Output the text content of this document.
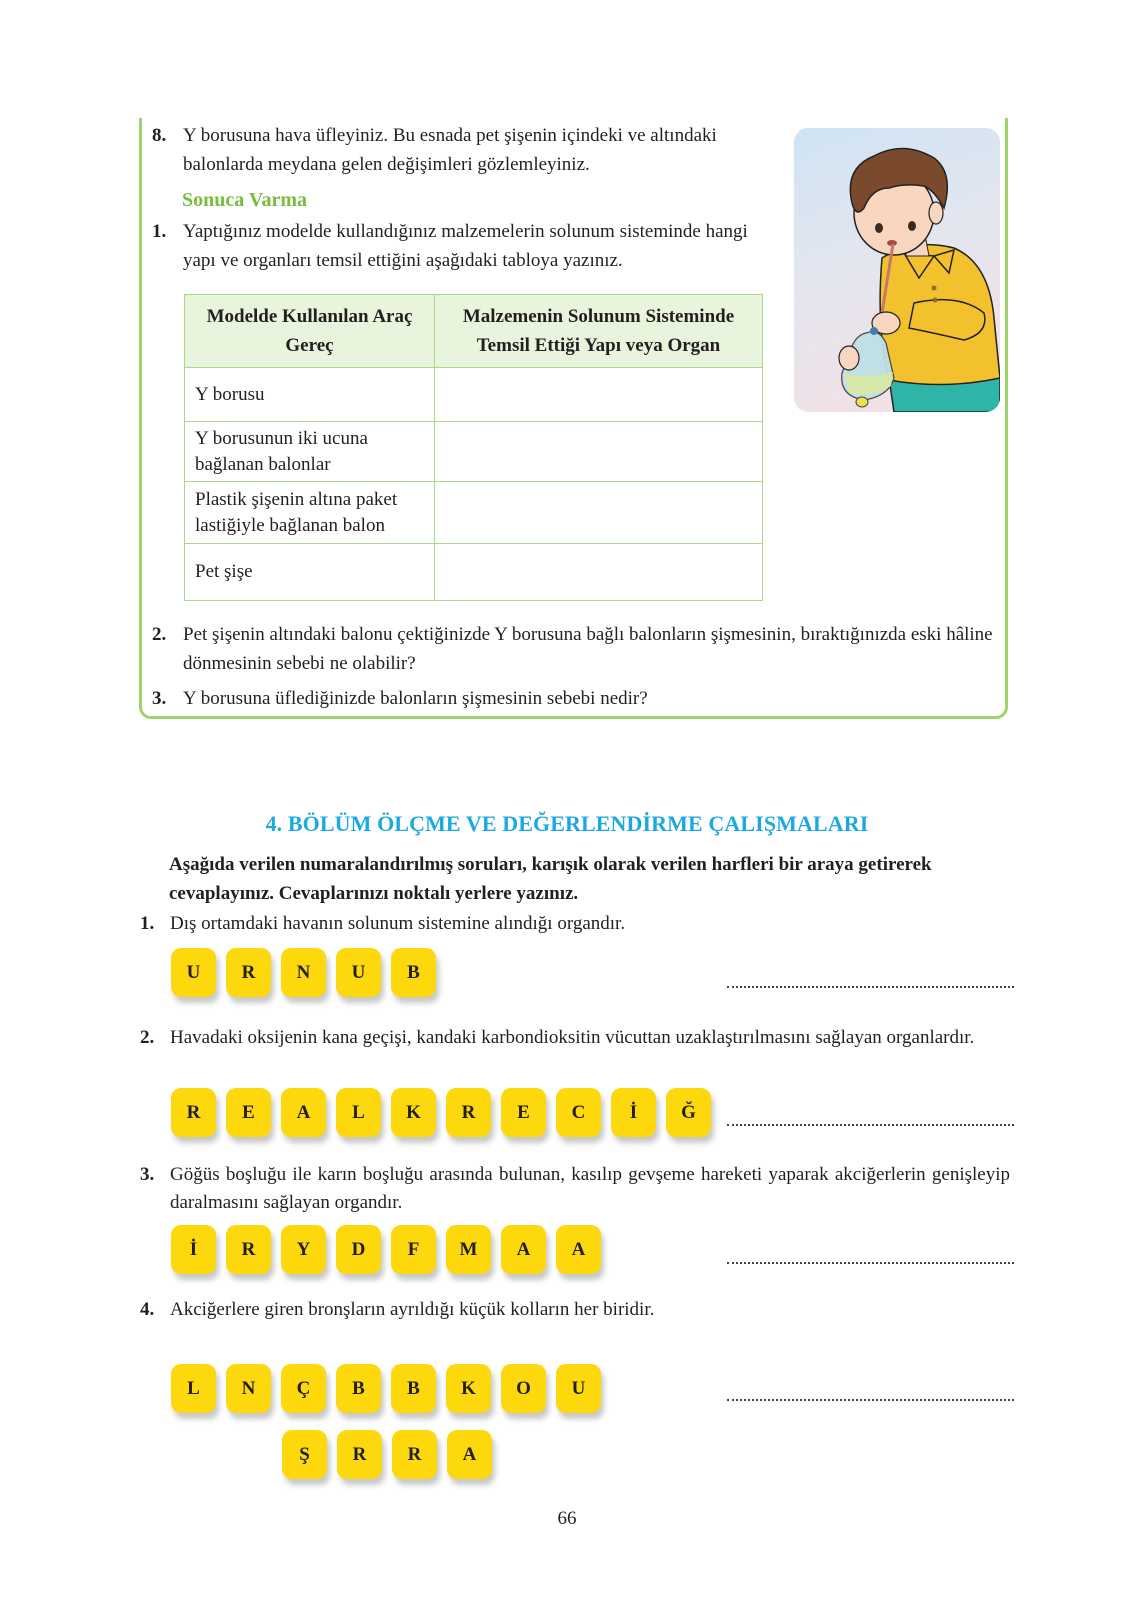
8. Y borusuna hava üfleyiniz. Bu esnada pet şişenin içindeki ve altındaki balonlarda meydana gelen değişimleri gözlemleyiniz.
Sonuca Varma
1. Yaptığınız modelde kullandığınız malzemelerin solunum sisteminde hangi yapı ve organları temsil ettiğini aşağıdaki tabloya yazınız.
Modelde Kullanılan Araç Gereç	Malzemenin Solunum Sisteminde Temsil Ettiği Yapı veya Organ
Y borusu	
Y borusunun iki ucuna bağlanan balonlar	
Plastik şişenin altına paket lastiğiyle bağlanan balon	
Pet şişe	
2. Pet şişenin altındaki balonu çektiğinizde Y borusuna bağlı balonların şişmesinin, bıraktığınızda eski hâline dönmesinin sebebi ne olabilir?
3. Y borusuna üflediğinizde balonların şişmesinin sebebi nedir?
4. BÖLÜM ÖLÇME VE DEĞERLENDİRME ÇALIŞMALARI
Aşağıda verilen numaralandırılmış soruları, karışık olarak verilen harfleri bir araya getirerek cevaplayınız. Cevaplarınızı noktalı yerlere yazınız.
1. Dış ortamdaki havanın solunum sistemine alındığı organdır.
U	R	N	U	B
2. Havadaki oksijenin kana geçişi, kandaki karbondioksitin vücuttan uzaklaştırılmasını sağlayan organlardır.
R	E	A	L	K	R	E	C	İ	Ğ
3. Göğüs boşluğu ile karın boşluğu arasında bulunan, kasılıp gevşeme hareketi yaparak akciğerlerin genişleyip daralmasını sağlayan organdır.
İ	R	Y	D	F	M	A	A
4. Akciğerlere giren bronşların ayrıldığı küçük kolların her biridir.
L	N	Ç	B	B	K	O	U
Ş	R	R	A
66
